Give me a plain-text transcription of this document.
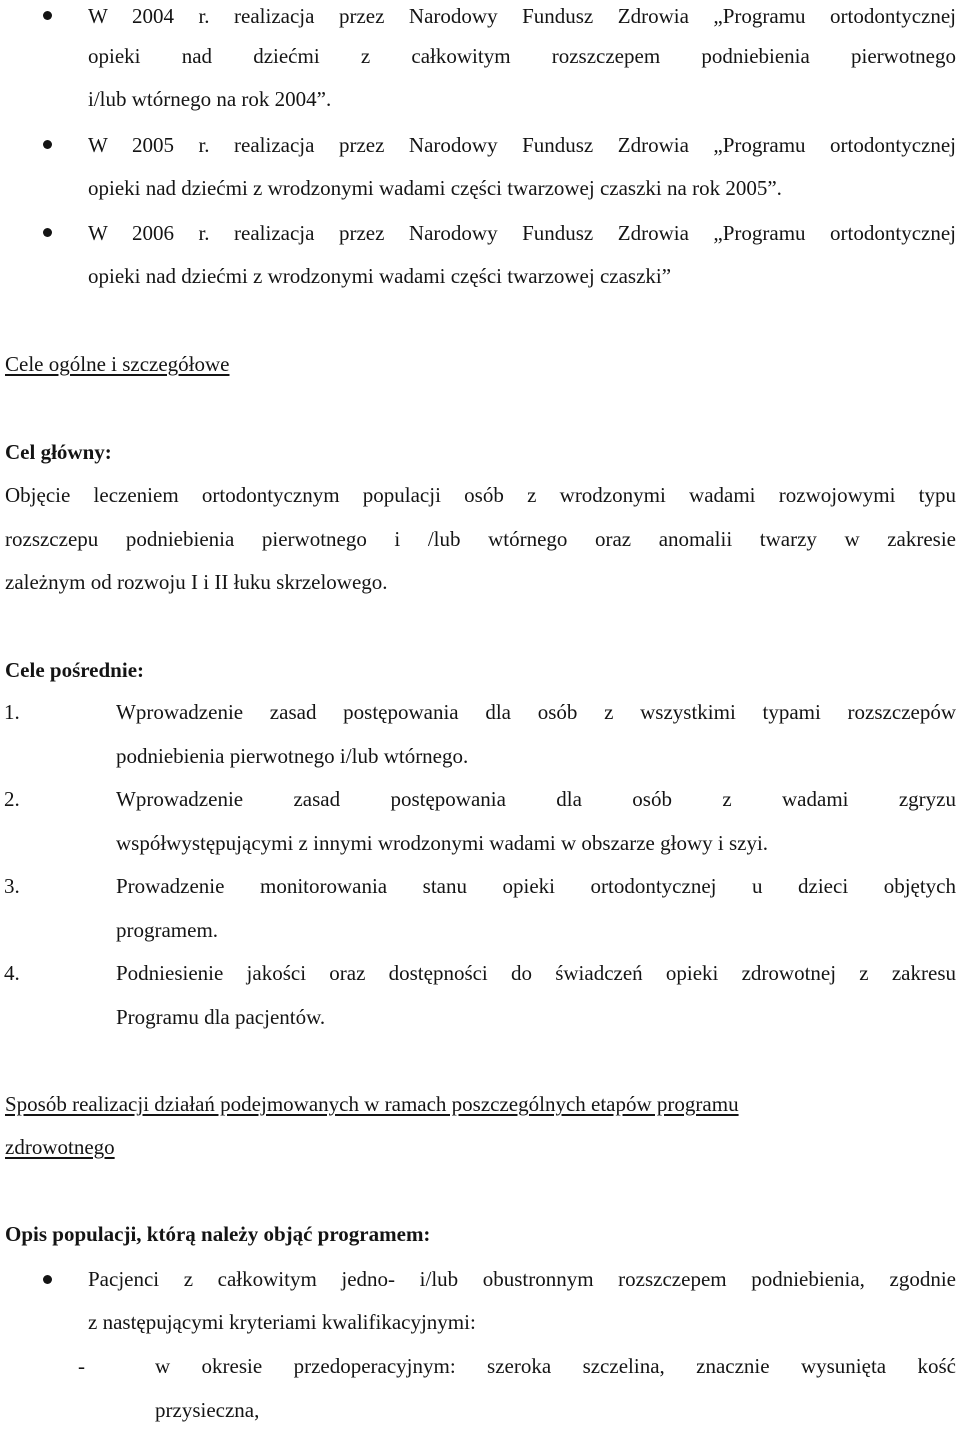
W 2004 r. realizacja przez Narodowy Fundusz Zdrowia „Programu ortodontycznej
opieki nad dziećmi z całkowitym rozszczepem podniebienia pierwotnego
i/lub wtórnego na rok 2004”.
W 2005 r. realizacja przez Narodowy Fundusz Zdrowia „Programu ortodontycznej
opieki nad dziećmi z wrodzonymi wadami części twarzowej czaszki na rok 2005”.
W 2006 r. realizacja przez Narodowy Fundusz Zdrowia „Programu ortodontycznej
opieki nad dziećmi z wrodzonymi wadami części twarzowej czaszki”
Cele ogólne i szczegółowe
Cel główny:
Objęcie leczeniem ortodontycznym populacji osób z wrodzonymi wadami rozwojowymi typu
rozszczepu podniebienia pierwotnego i /lub wtórnego oraz anomalii twarzy w zakresie
zależnym od rozwoju I i II łuku skrzelowego.
Cele pośrednie:
1.	Wprowadzenie zasad postępowania dla osób z wszystkimi typami rozszczepów
podniebienia pierwotnego i/lub wtórnego.
2.	Wprowadzenie zasad postępowania dla osób z wadami zgryzu
współwystępującymi z innymi wrodzonymi wadami w obszarze głowy i szyi.
3.	Prowadzenie monitorowania stanu opieki ortodontycznej u dzieci objętych
programem.
4.	Podniesienie jakości oraz dostępności do świadczeń opieki zdrowotnej z zakresu
Programu dla pacjentów.
Sposób realizacji działań podejmowanych w ramach poszczególnych etapów programu
zdrowotnego
Opis populacji, którą należy objąć programem:
Pacjenci z całkowitym jedno- i/lub obustronnym rozszczepem podniebienia, zgodnie
z następującymi kryteriami kwalifikacyjnymi:
-	w okresie przedoperacyjnym: szeroka szczelina, znacznie wysunięta kość
przysieczna,
